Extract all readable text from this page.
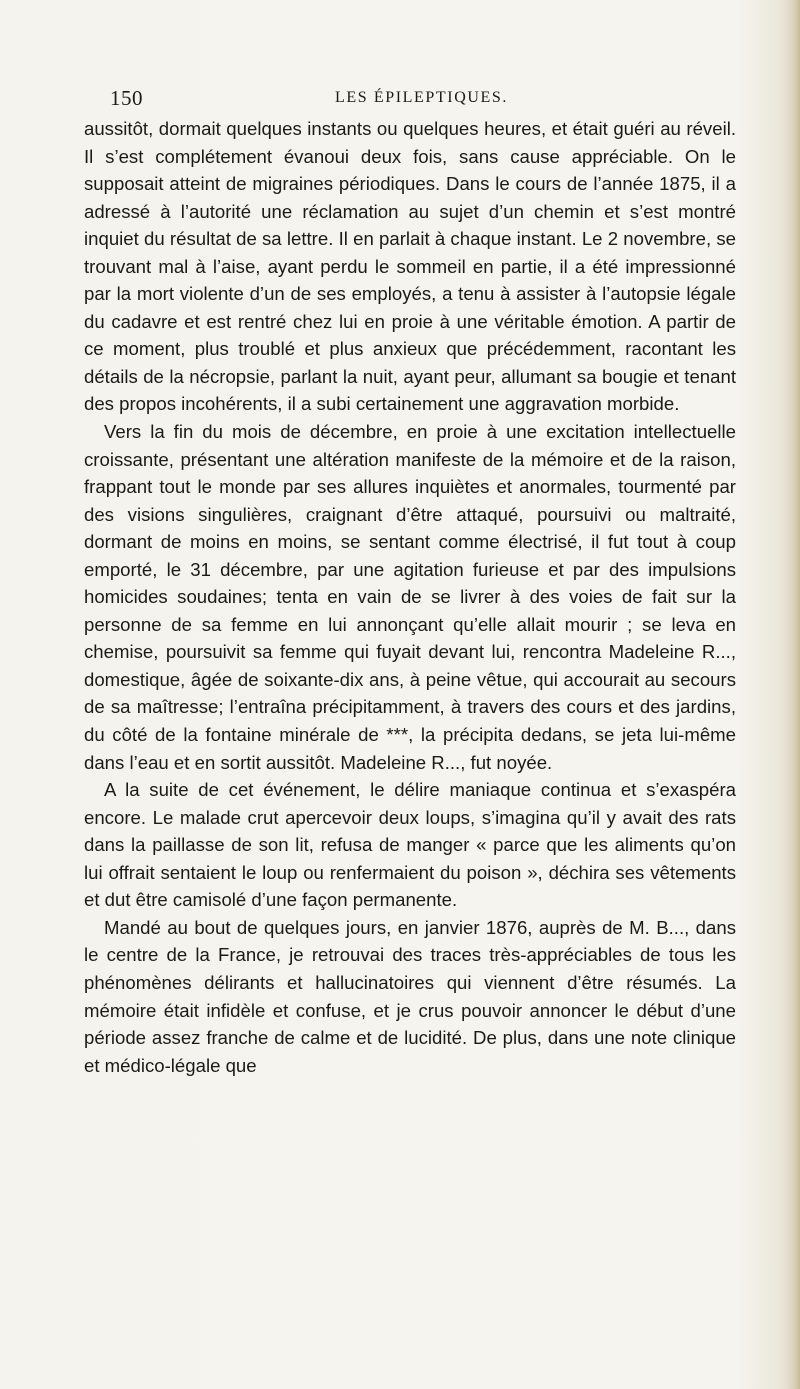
150	LES ÉPILEPTIQUES.

aussitôt, dormait quelques instants ou quelques heures, et était guéri au réveil. Il s’est complétement évanoui deux fois, sans cause appréciable. On le supposait atteint de migraines périodiques. Dans le cours de l’année 1875, il a adressé à l’autorité une réclamation au sujet d’un chemin et s’est montré inquiet du résultat de sa lettre. Il en parlait à chaque instant. Le 2 novembre, se trouvant mal à l’aise, ayant perdu le sommeil en partie, il a été impressionné par la mort violente d’un de ses employés, a tenu à assister à l’autopsie légale du cadavre et est rentré chez lui en proie à une véritable émotion. A partir de ce moment, plus troublé et plus anxieux que précédemment, racontant les détails de la nécropsie, parlant la nuit, ayant peur, allumant sa bougie et tenant des propos incohérents, il a subi certainement une aggravation morbide.

Vers la fin du mois de décembre, en proie à une excitation intellectuelle croissante, présentant une altération manifeste de la mémoire et de la raison, frappant tout le monde par ses allures inquiètes et anormales, tourmenté par des visions singulières, craignant d’être attaqué, poursuivi ou maltraité, dormant de moins en moins, se sentant comme électrisé, il fut tout à coup emporté, le 31 décembre, par une agitation furieuse et par des impulsions homicides soudaines; tenta en vain de se livrer à des voies de fait sur la personne de sa femme en lui annonçant qu’elle allait mourir ; se leva en chemise, poursuivit sa femme qui fuyait devant lui, rencontra Madeleine R..., domestique, âgée de soixante-dix ans, à peine vêtue, qui accourait au secours de sa maîtresse; l’entraîna précipitamment, à travers des cours et des jardins, du côté de la fontaine minérale de ***, la précipita dedans, se jeta lui-même dans l’eau et en sortit aussitôt. Madeleine R..., fut noyée.

A la suite de cet événement, le délire maniaque continua et s’exaspéra encore. Le malade crut apercevoir deux loups, s’imagina qu’il y avait des rats dans la paillasse de son lit, refusa de manger « parce que les aliments qu’on lui offrait sentaient le loup ou renfermaient du poison », déchira ses vêtements et dut être camisolé d’une façon permanente.

Mandé au bout de quelques jours, en janvier 1876, auprès de M. B..., dans le centre de la France, je retrouvai des traces très-appréciables de tous les phénomènes délirants et hallucinatoires qui viennent d’être résumés. La mémoire était infidèle et confuse, et je crus pouvoir annoncer le début d’une période assez franche de calme et de lucidité. De plus, dans une note clinique et médico-légale que
